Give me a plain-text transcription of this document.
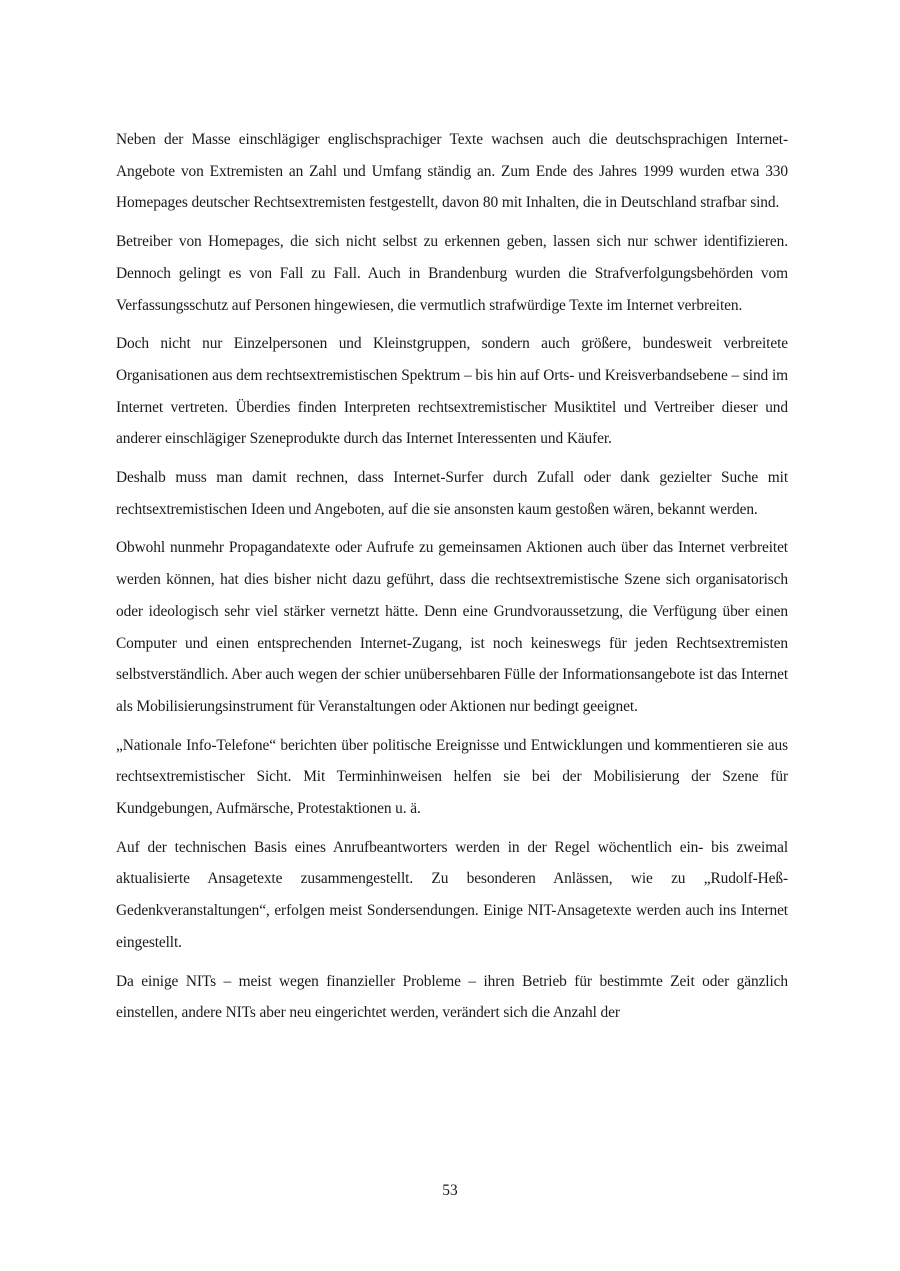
Neben der Masse einschlägiger englischsprachiger Texte wachsen auch die deutschsprachigen Internet-Angebote von Extremisten an Zahl und Umfang ständig an. Zum Ende des Jahres 1999 wurden etwa 330 Homepages deutscher Rechtsextremisten festgestellt, davon 80 mit Inhalten, die in Deutschland strafbar sind.

Betreiber von Homepages, die sich nicht selbst zu erkennen geben, lassen sich nur schwer identifizieren. Dennoch gelingt es von Fall zu Fall. Auch in Brandenburg wurden die Strafverfolgungsbehörden vom Verfassungsschutz auf Personen hingewiesen, die vermutlich strafwürdige Texte im Internet verbreiten.

Doch nicht nur Einzelpersonen und Kleinstgruppen, sondern auch größere, bundesweit verbreitete Organisationen aus dem rechtsextremistischen Spektrum – bis hin auf Orts- und Kreisverbandsebene – sind im Internet vertreten. Überdies finden Interpreten rechtsextremistischer Musiktitel und Vertreiber dieser und anderer einschlägiger Szeneprodukte durch das Internet Interessenten und Käufer.

Deshalb muss man damit rechnen, dass Internet-Surfer durch Zufall oder dank gezielter Suche mit rechtsextremistischen Ideen und Angeboten, auf die sie ansonsten kaum gestoßen wären, bekannt werden.

Obwohl nunmehr Propagandatexte oder Aufrufe zu gemeinsamen Aktionen auch über das Internet verbreitet werden können, hat dies bisher nicht dazu geführt, dass die rechtsextremistische Szene sich organisatorisch oder ideologisch sehr viel stärker vernetzt hätte. Denn eine Grundvoraussetzung, die Verfügung über einen Computer und einen entsprechenden Internet-Zugang, ist noch keineswegs für jeden Rechtsextremisten selbstverständlich. Aber auch wegen der schier unübersehbaren Fülle der Informationsangebote ist das Internet als Mobilisierungsinstrument für Veranstaltungen oder Aktionen nur bedingt geeignet.

„Nationale Info-Telefone“ berichten über politische Ereignisse und Entwicklungen und kommentieren sie aus rechtsextremistischer Sicht. Mit Terminhinweisen helfen sie bei der Mobilisierung der Szene für Kundgebungen, Aufmärsche, Protestaktionen u. ä.

Auf der technischen Basis eines Anrufbeantworters werden in der Regel wöchentlich ein- bis zweimal aktualisierte Ansagetexte zusammengestellt. Zu besonderen Anlässen, wie zu „Rudolf-Heß-Gedenkveranstaltungen“, erfolgen meist Sondersendungen. Einige NIT-Ansagetexte werden auch ins Internet eingestellt.

Da einige NITs – meist wegen finanzieller Probleme – ihren Betrieb für bestimmte Zeit oder gänzlich einstellen, andere NITs aber neu eingerichtet werden, verändert sich die Anzahl der

53
